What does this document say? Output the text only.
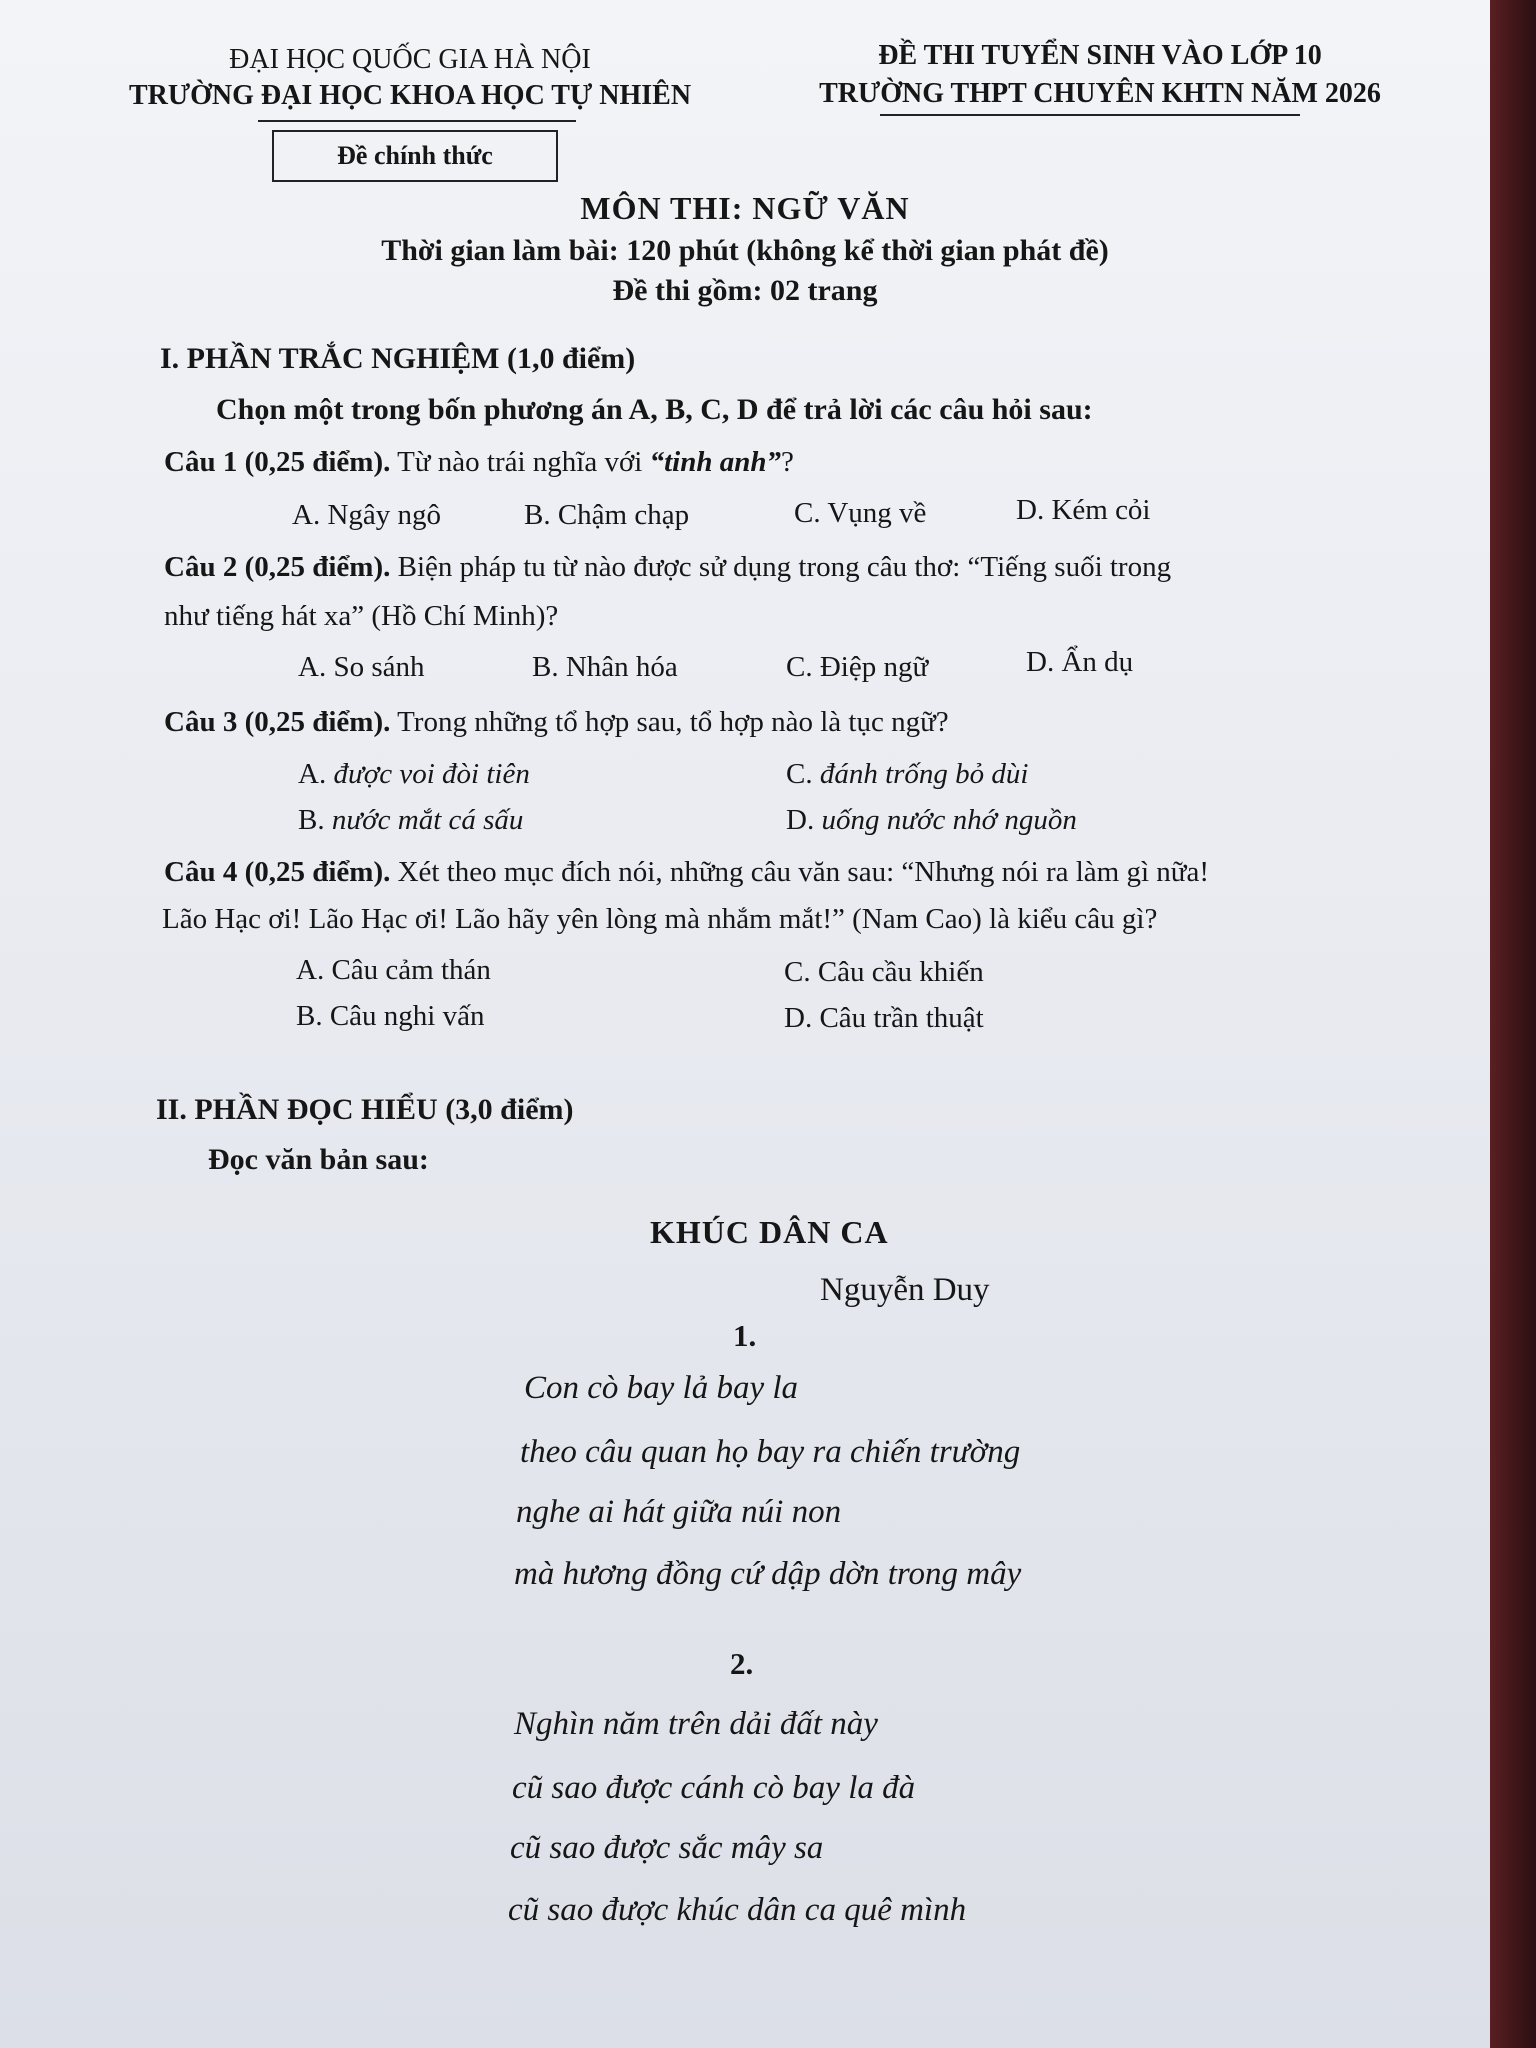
ĐẠI HỌC QUỐC GIA HÀ NỘI
TRƯỜNG ĐẠI HỌC KHOA HỌC TỰ NHIÊN
ĐỀ THI TUYỂN SINH VÀO LỚP 10
TRƯỜNG THPT CHUYÊN KHTN NĂM 2026
Đề chính thức
MÔN THI: NGỮ VĂN
Thời gian làm bài: 120 phút (không kể thời gian phát đề)
Đề thi gồm: 02 trang
I. PHẦN TRẮC NGHIỆM (1,0 điểm)
Chọn một trong bốn phương án A, B, C, D để trả lời các câu hỏi sau:
Câu 1 (0,25 điểm). Từ nào trái nghĩa với “tinh anh”?
A. Ngây ngô	B. Chậm chạp	C. Vụng về	D. Kém cỏi
Câu 2 (0,25 điểm). Biện pháp tu từ nào được sử dụng trong câu thơ: “Tiếng suối trong
như tiếng hát xa” (Hồ Chí Minh)?
A. So sánh	B. Nhân hóa	C. Điệp ngữ	D. Ẩn dụ
Câu 3 (0,25 điểm). Trong những tổ hợp sau, tổ hợp nào là tục ngữ?
A. được voi đòi tiên
B. nước mắt cá sấu
C. đánh trống bỏ dùi
D. uống nước nhớ nguồn
Câu 4 (0,25 điểm). Xét theo mục đích nói, những câu văn sau: “Nhưng nói ra làm gì nữa!
Lão Hạc ơi! Lão Hạc ơi! Lão hãy yên lòng mà nhắm mắt!” (Nam Cao) là kiểu câu gì?
A. Câu cảm thán
B. Câu nghi vấn
C. Câu cầu khiến
D. Câu trần thuật
II. PHẦN ĐỌC HIỂU (3,0 điểm)
Đọc văn bản sau:
KHÚC DÂN CA
Nguyễn Duy
1.
Con cò bay lả bay la
theo câu quan họ bay ra chiến trường
nghe ai hát giữa núi non
mà hương đồng cứ dập dờn trong mây
2.
Nghìn năm trên dải đất này
cũ sao được cánh cò bay la đà
cũ sao được sắc mây sa
cũ sao được khúc dân ca quê mình
